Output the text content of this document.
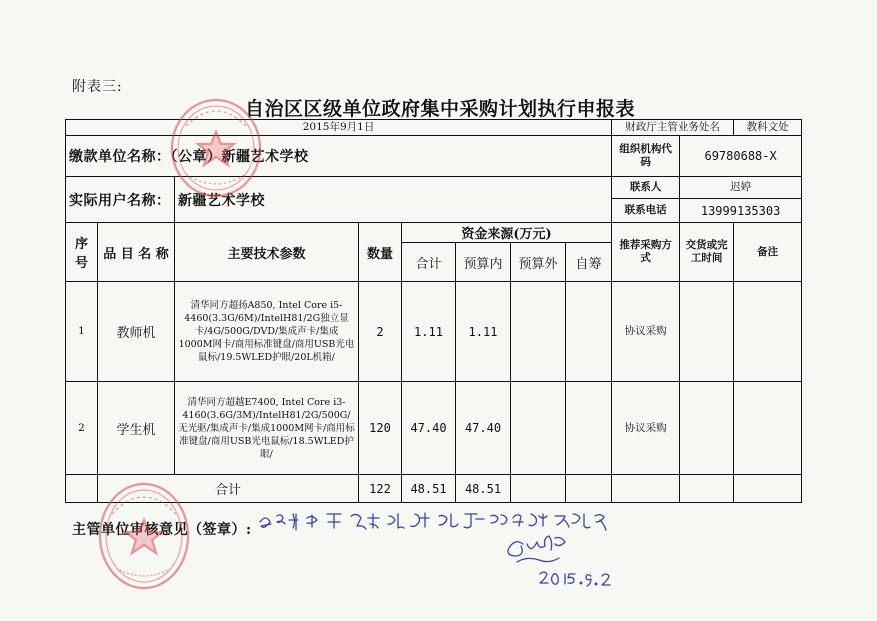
附表三:
自治区区级单位政府集中采购计划执行申报表
2015年9月1日								财政厅主管业务处名		教科文处
缴款单位名称：（公章）新疆艺术学校								组织机构代码	69780688-X	
实际用户名称：		新疆艺术学校						联系人	迟婷	
								联系电话	13999135303	
序号	品 目 名 称	主要技术参数	数量	资金来源(万元)				推荐采购方式	交货或完工时间	备注
				合计	预算内	预算外	自筹			
1	教师机	清华同方超扬A850, Intel Core i5-4460(3.3G/6M)/IntelH81/2G独立显卡/4G/500G/DVD/集成声卡/集成1000M网卡/商用标准键盘/商用USB光电鼠标/19.5WLED护眼/20L机箱/	2	1.11	1.11			协议采购		
2	学生机	清华同方超越E7400, Intel Core i3-4160(3.6G/3M)/IntelH81/2G/500G/无光驱/集成声卡/集成1000M网卡/商用标准键盘/商用USB光电鼠标/18.5WLED护眼/	120	47.40	47.40			协议采购		
	合计		122	48.51	48.51					
主管单位审核意见（签章）:
